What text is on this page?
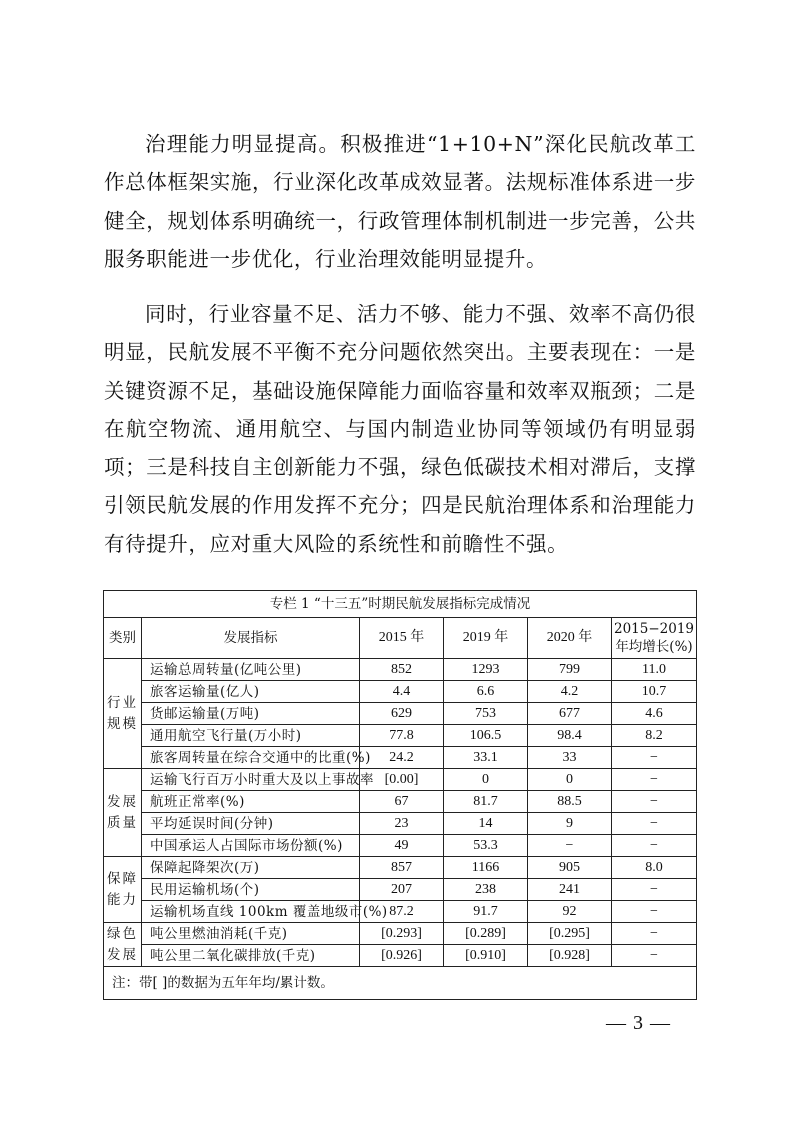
治理能力明显提高。积极推进“1+10+N”深化民航改革工作总体框架实施，行业深化改革成效显著。法规标准体系进一步健全，规划体系明确统一，行政管理体制机制进一步完善，公共服务职能进一步优化，行业治理效能明显提升。

同时，行业容量不足、活力不够、能力不强、效率不高仍很明显，民航发展不平衡不充分问题依然突出。主要表现在：一是关键资源不足，基础设施保障能力面临容量和效率双瓶颈；二是在航空物流、通用航空、与国内制造业协同等领域仍有明显弱项；三是科技自主创新能力不强，绿色低碳技术相对滞后，支撑引领民航发展的作用发挥不充分；四是民航治理体系和治理能力有待提升，应对重大风险的系统性和前瞻性不强。

专栏 1 “十三五”时期民航发展指标完成情况					
类别	发展指标	2015 年	2019 年	2020 年	2015−2019
年均增长(%)
行业规模	运输总周转量(亿吨公里)	852	1293	799	11.0
	旅客运输量(亿人)	4.4	6.6	4.2	10.7
	货邮运输量(万吨)	629	753	677	4.6
	通用航空飞行量(万小时)	77.8	106.5	98.4	8.2
	旅客周转量在综合交通中的比重(%)	24.2	33.1	33	−
发展质量	运输飞行百万小时重大及以上事故率	[0.00]	0	0	−
	航班正常率(%)	67	81.7	88.5	−
	平均延误时间(分钟)	23	14	9	−
	中国承运人占国际市场份额(%)	49	53.3	−	−
保障能力	保障起降架次(万)	857	1166	905	8.0
	民用运输机场(个)	207	238	241	−
	运输机场直线 100km 覆盖地级市(%)	87.2	91.7	92	−
绿色发展	吨公里燃油消耗(千克)	[0.293]	[0.289]	[0.295]	−
	吨公里二氧化碳排放(千克)	[0.926]	[0.910]	[0.928]	−
注：带[ ]的数据为五年年均/累计数。					
— 3 —
